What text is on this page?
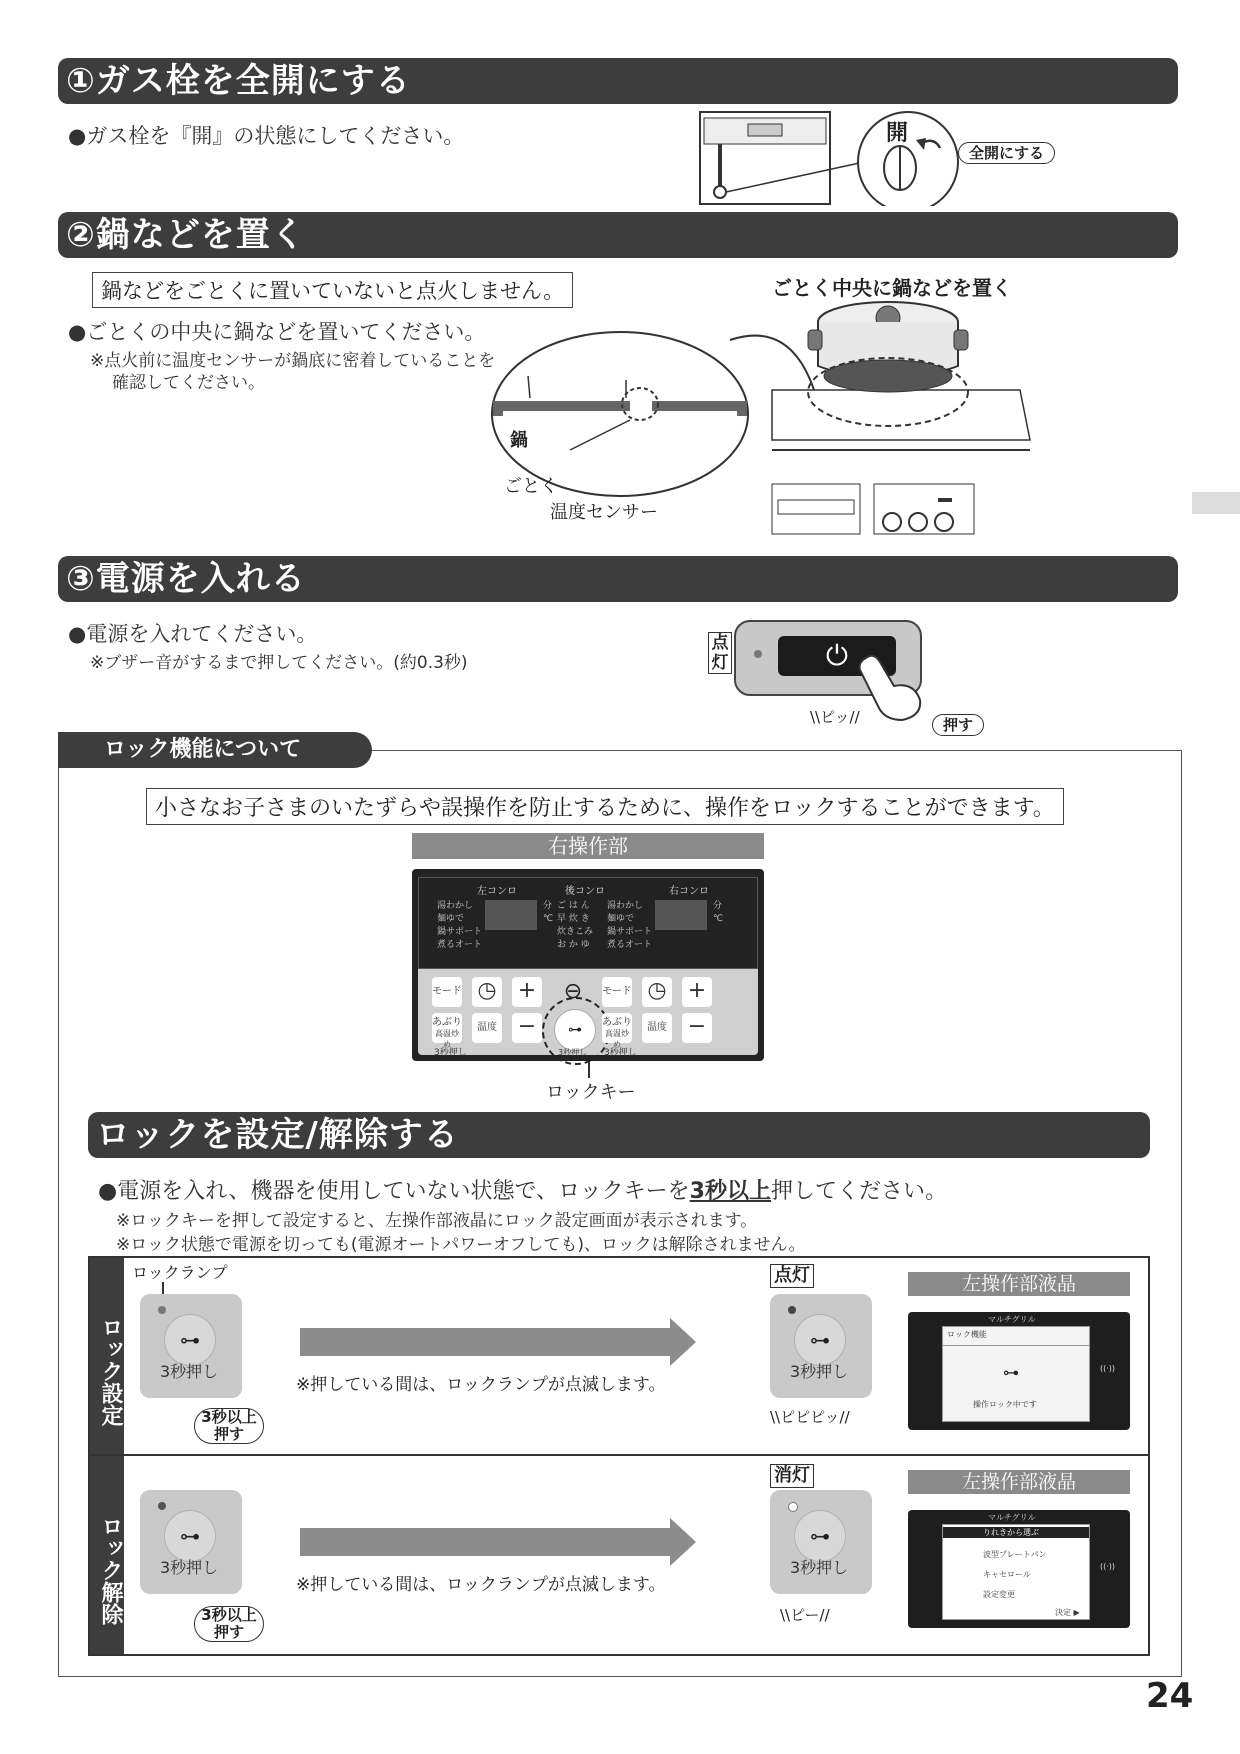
①ガス栓を全開にする
●ガス栓を『開』の状態にしてください。	開
全開にする
②鍋などを置く
鍋などをごとくに置いていないと点火しません。
●ごとくの中央に鍋などを置いてください。
※点火前に温度センサーが鍋底に密着していることを
確認してください。
ごとく中央に鍋などを置く
鍋
ごとく
温度センサー
③電源を入れる
●電源を入れてください。
※ブザー音がするまで押してください。(約0.3秒)	⏻
点
灯
\\ピッ//	押す
ロック機能について
小さなお子さまのいたずらや誤操作を防止するために、操作をロックすることができます。
右操作部
左コンロ	後コンロ	右コンロ
湯わかし
麺ゆで
鍋サポート
煮るオート
分
℃
ご は ん
早 炊 き
炊きこみ
お か ゆ
湯わかし
麺ゆで
鍋サポート
煮るオート
分
℃
モード ◷ +
あぶり
高温炒め
温度 −
3秒押し
⊖
⊶
3秒押し
モード ◷ +
あぶり
高温炒め
温度 −
3秒押し
ロックキー
ロックを設定/解除する
●電源を入れ、機器を使用していない状態で、ロックキーを3秒以上押してください。
※ロックキーを押して設定すると、左操作部液晶にロック設定画面が表示されます。
※ロック状態で電源を切っても(電源オートパワーオフしても)、ロックは解除されません。
ロック設定
ロックランプ
⊶
3秒押し
3秒以上
押す
※押している間は、ロックランプが点滅します。
点灯
⊶
3秒押し
\\ピピピッ//
左操作部液晶
マルチグリル
ロック機能
⊶
操作ロック中です
((·))
ロック解除	⊶
3秒押し
3秒以上
押す
※押している間は、ロックランプが点滅します。
消灯
⊶
3秒押し
\\ピー//
左操作部液晶
マルチグリル
りれきから選ぶ
波型プレートパン
キャセロール
設定変更
決定 ▶
((·))
24
